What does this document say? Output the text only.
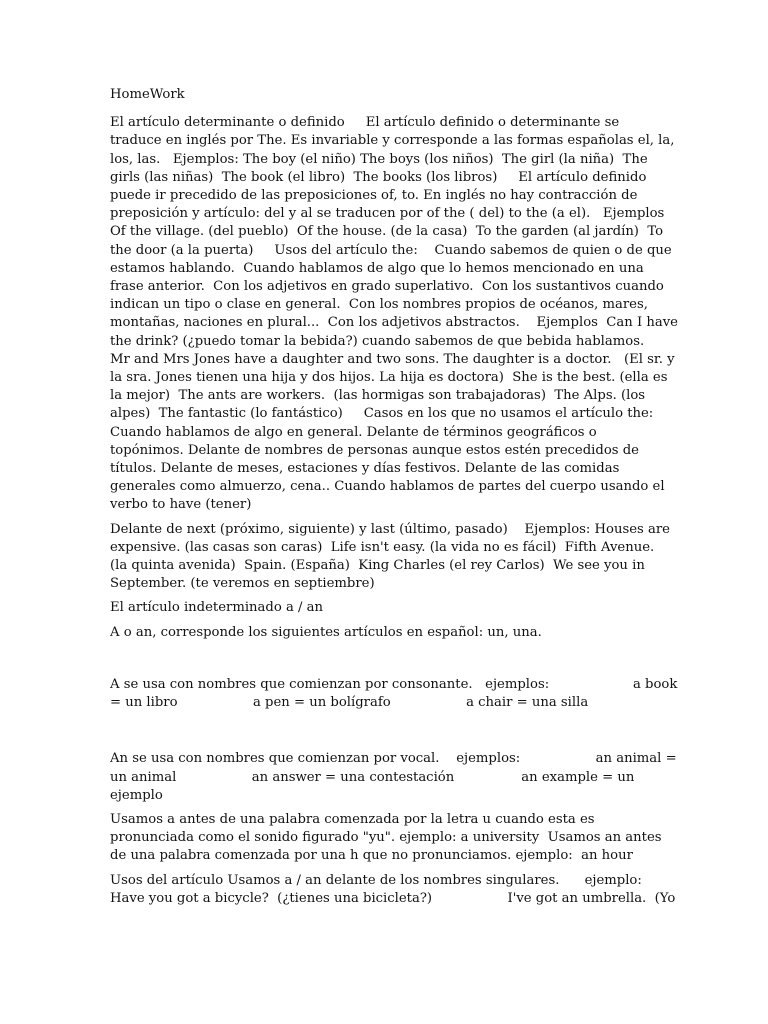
HomeWork

El artículo determinante o definido     El artículo definido o determinante se
traduce en inglés por The. Es invariable y corresponde a las formas españolas el, la,
los, las.   Ejemplos: The boy (el niño) The boys (los niños)  The girl (la niña)  The
girls (las niñas)  The book (el libro)  The books (los libros)     El artículo definido
puede ir precedido de las preposiciones of, to. En inglés no hay contracción de
preposición y artículo: del y al se traducen por of the ( del) to the (a el).   Ejemplos
Of the village. (del pueblo)  Of the house. (de la casa)  To the garden (al jardín)  To
the door (a la puerta)     Usos del artículo the:    Cuando sabemos de quien o de que
estamos hablando.  Cuando hablamos de algo que lo hemos mencionado en una
frase anterior.  Con los adjetivos en grado superlativo.  Con los sustantivos cuando
indican un tipo o clase en general.  Con los nombres propios de océanos, mares,
montañas, naciones en plural...  Con los adjetivos abstractos.    Ejemplos  Can I have
the drink? (¿puedo tomar la bebida?) cuando sabemos de que bebida hablamos.
Mr and Mrs Jones have a daughter and two sons. The daughter is a doctor.   (El sr. y
la sra. Jones tienen una hija y dos hijos. La hija es doctora)  She is the best. (ella es
la mejor)  The ants are workers.  (las hormigas son trabajadoras)  The Alps. (los
alpes)  The fantastic (lo fantástico)     Casos en los que no usamos el artículo the:
Cuando hablamos de algo en general. Delante de términos geográficos o
topónimos. Delante de nombres de personas aunque estos estén precedidos de
títulos. Delante de meses, estaciones y días festivos. Delante de las comidas
generales como almuerzo, cena.. Cuando hablamos de partes del cuerpo usando el
verbo to have (tener)

Delante de next (próximo, siguiente) y last (último, pasado)    Ejemplos: Houses are
expensive. (las casas son caras)  Life isn't easy. (la vida no es fácil)  Fifth Avenue.
(la quinta avenida)  Spain. (España)  King Charles (el rey Carlos)  We see you in
September. (te veremos en septiembre)

El artículo indeterminado a / an

A o an, corresponde los siguientes artículos en español: un, una.

A se usa con nombres que comienzan por consonante.   ejemplos:                    a book
= un libro                  a pen = un bolígrafo                  a chair = una silla

An se usa con nombres que comienzan por vocal.    ejemplos:                  an animal =
un animal                  an answer = una contestación                an example = un
ejemplo

Usamos a antes de una palabra comenzada por la letra u cuando esta es
pronunciada como el sonido figurado "yu". ejemplo: a university  Usamos an antes
de una palabra comenzada por una h que no pronunciamos. ejemplo:  an hour

Usos del artículo Usamos a / an delante de los nombres singulares.      ejemplo:
Have you got a bicycle?  (¿tienes una bicicleta?)                  I've got an umbrella.  (Yo
